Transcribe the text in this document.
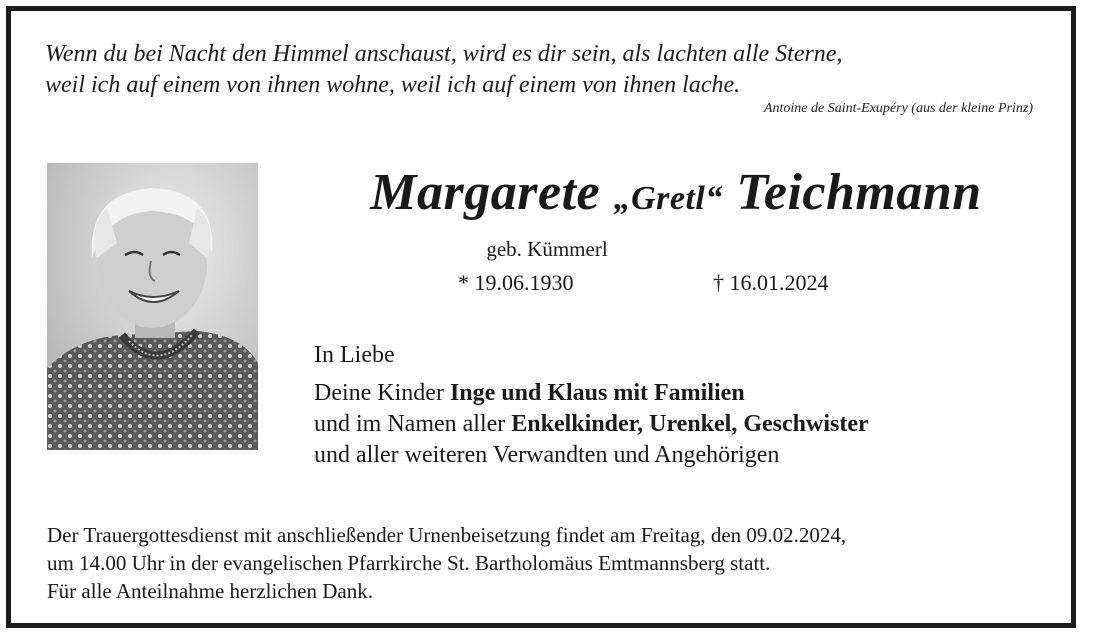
Wenn du bei Nacht den Himmel anschaust, wird es dir sein, als lachten alle Sterne,

weil ich auf einem von ihnen wohne, weil ich auf einem von ihnen lache.

Antoine de Saint-Exupéry (aus der kleine Prinz)
Margarete „Gretl“ Teichmann
geb. Kümmerl
* 19.06.1930	† 16.01.2024
In Liebe

Deine Kinder Inge und Klaus mit Familien

und im Namen aller Enkelkinder, Urenkel, Geschwister

und aller weiteren Verwandten und Angehörigen

Der Trauergottesdienst mit anschließender Urnenbeisetzung findet am Freitag, den 09.02.2024,

um 14.00 Uhr in der evangelischen Pfarrkirche St. Bartholomäus Emtmannsberg statt.

Für alle Anteilnahme herzlichen Dank.
